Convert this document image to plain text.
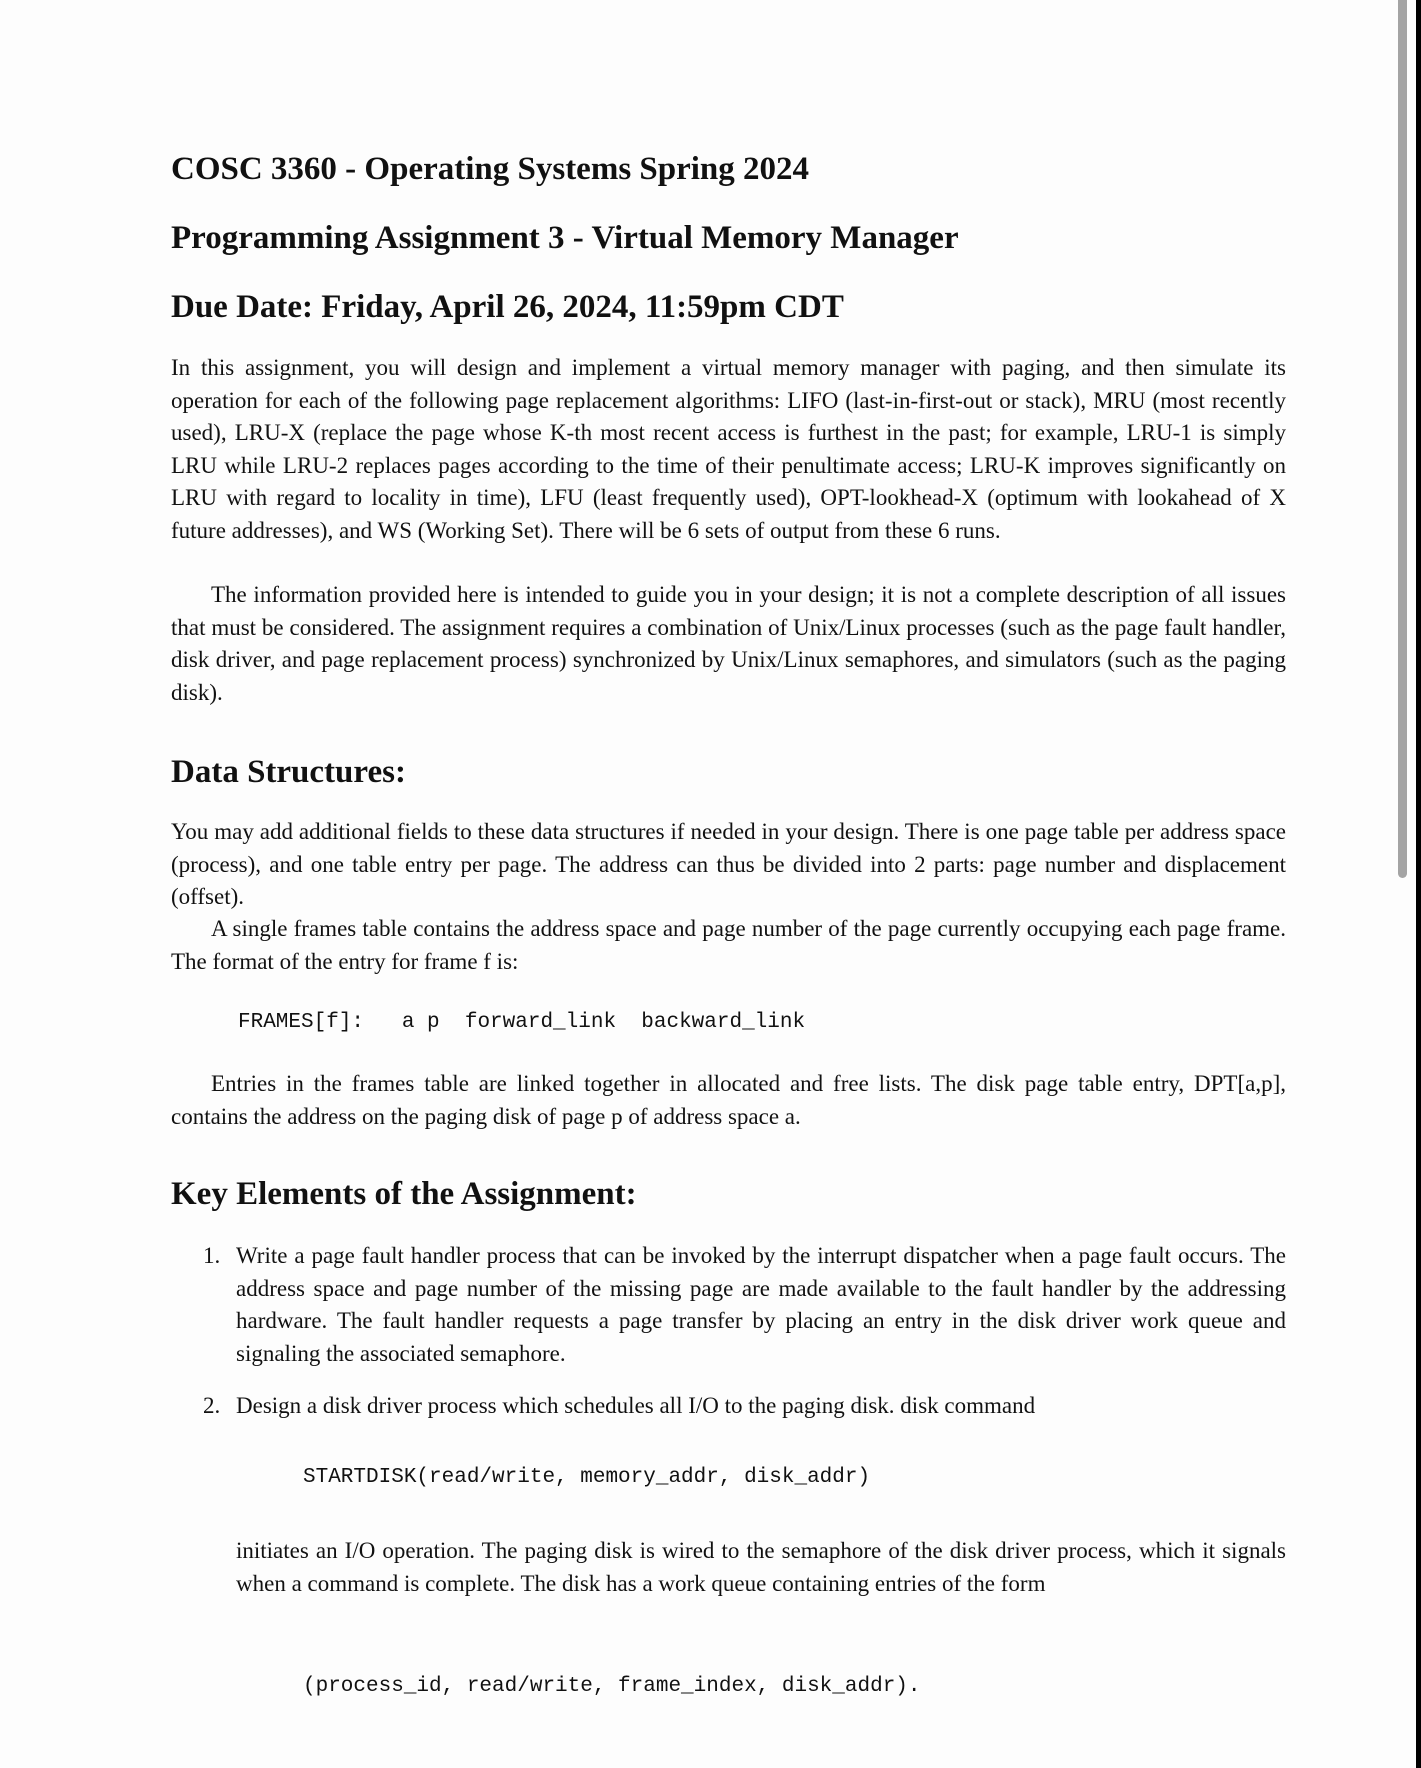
COSC 3360 - Operating Systems Spring 2024
Programming Assignment 3 - Virtual Memory Manager
Due Date: Friday, April 26, 2024, 11:59pm CDT
In this assignment, you will design and implement a virtual memory manager with paging, and then simulate its operation for each of the following page replacement algorithms: LIFO (last-in-first-out or stack), MRU (most recently used), LRU-X (replace the page whose K-th most recent access is furthest in the past; for example, LRU-1 is simply LRU while LRU-2 replaces pages according to the time of their penultimate access; LRU-K improves significantly on LRU with regard to locality in time), LFU (least frequently used), OPT-lookhead-X (optimum with lookahead of X future addresses), and WS (Working Set). There will be 6 sets of output from these 6 runs.
The information provided here is intended to guide you in your design; it is not a complete description of all issues that must be considered. The assignment requires a combination of Unix/Linux processes (such as the page fault handler, disk driver, and page replacement process) synchronized by Unix/Linux semaphores, and simulators (such as the paging disk).
Data Structures:
You may add additional fields to these data structures if needed in your design. There is one page table per address space (process), and one table entry per page. The address can thus be divided into 2 parts: page number and displacement (offset).
A single frames table contains the address space and page number of the page currently occupying each page frame. The format of the entry for frame f is:
FRAMES[f]:   a p  forward_link  backward_link
Entries in the frames table are linked together in allocated and free lists. The disk page table entry, DPT[a,p], contains the address on the paging disk of page p of address space a.
Key Elements of the Assignment:
1. Write a page fault handler process that can be invoked by the interrupt dispatcher when a page fault occurs. The address space and page number of the missing page are made available to the fault handler by the addressing hardware. The fault handler requests a page transfer by placing an entry in the disk driver work queue and signaling the associated semaphore.
2. Design a disk driver process which schedules all I/O to the paging disk. disk command
STARTDISK(read/write, memory_addr, disk_addr)
initiates an I/O operation. The paging disk is wired to the semaphore of the disk driver process, which it signals when a command is complete. The disk has a work queue containing entries of the form
(process_id, read/write, frame_index, disk_addr).
